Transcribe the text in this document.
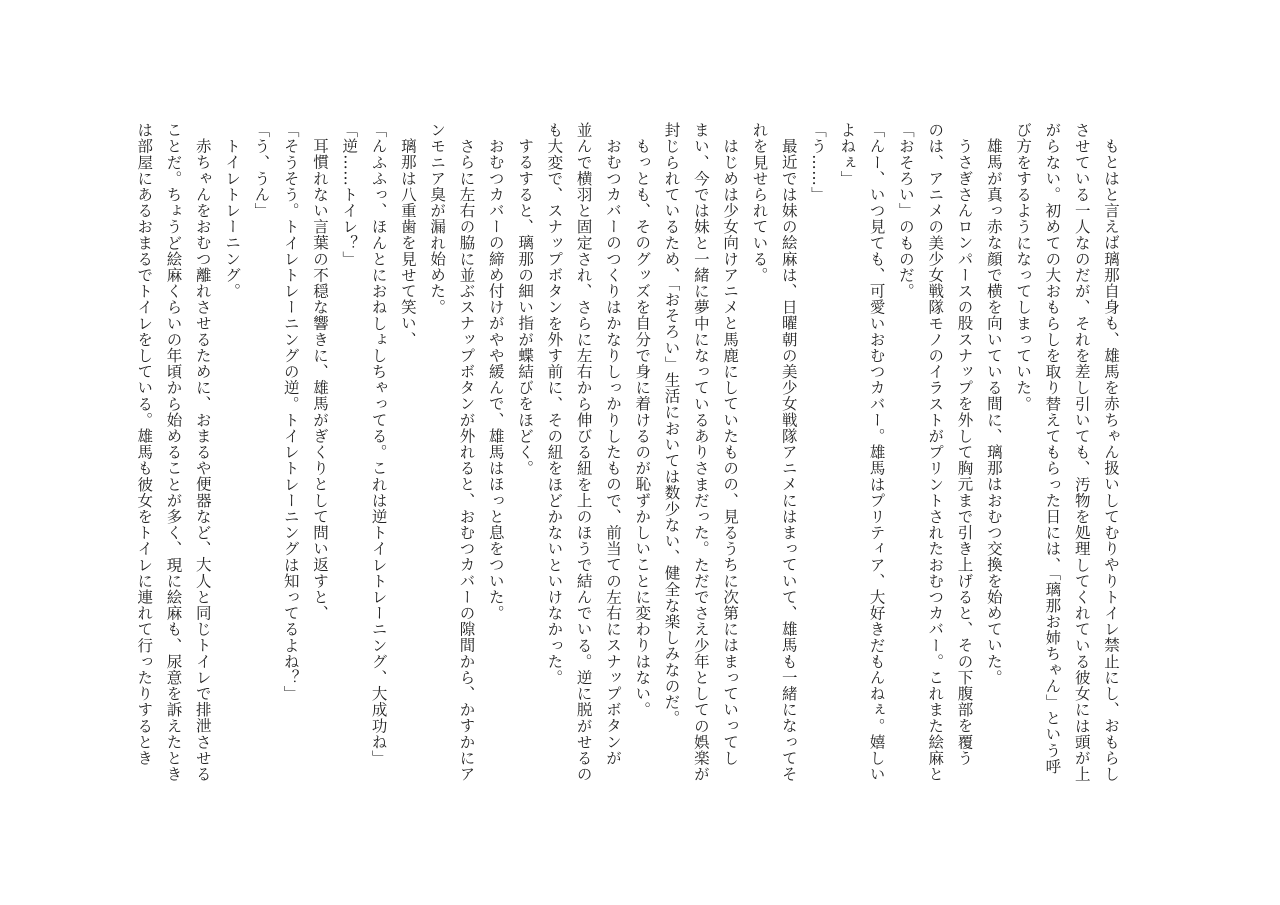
もとはと言えば璃那自身も、雄馬を赤ちゃん扱いしてむりやりトイレ禁止にし、おもらし

させている一人なのだが、それを差し引いても、汚物を処理してくれている彼女には頭が上

がらない。初めての大おもらしを取り替えてもらった日には、「璃那お姉ちゃん」という呼

び方をするようになってしまっていた。

雄馬が真っ赤な顔で横を向いている間に、璃那はおむつ交換を始めていた。

うさぎさんロンパースの股スナップを外して胸元まで引き上げると、その下腹部を覆う

のは、アニメの美少女戦隊モノのイラストがプリントされたおむつカバー。これまた絵麻と

「おそろい」のものだ。

「んー、いつ見ても、可愛いおむつカバー。雄馬はプリティア、大好きだもんねぇ。嬉しい

よねぇ」

「う……」

最近では妹の絵麻は、日曜朝の美少女戦隊アニメにはまっていて、雄馬も一緒になってそ

れを見せられている。

はじめは少女向けアニメと馬鹿にしていたものの、見るうちに次第にはまっていってし

まい、今では妹と一緒に夢中になっているありさまだった。ただでさえ少年としての娯楽が

封じられているため、「おそろい」生活においては数少ない、健全な楽しみなのだ。

もっとも、そのグッズを自分で身に着けるのが恥ずかしいことに変わりはない。

おむつカバーのつくりはかなりしっかりしたもので、前当ての左右にスナップボタンが

並んで横羽と固定され、さらに左右から伸びる紐を上のほうで結んでいる。逆に脱がせるの

も大変で、スナップボタンを外す前に、その紐をほどかないといけなかった。

するすると、璃那の細い指が蝶結びをほどく。

おむつカバーの締め付けがやや緩んで、雄馬はほっと息をついた。

さらに左右の脇に並ぶスナップボタンが外れると、おむつカバーの隙間から、かすかにア

ンモニア臭が漏れ始めた。

璃那は八重歯を見せて笑い、

「んふふっ、ほんとにおねしょしちゃってる。これは逆トイレトレーニング、大成功ね」

「逆……トイレ？」

耳慣れない言葉の不穏な響きに、雄馬がぎくりとして問い返すと、

「そうそう。トイレトレーニングの逆。トイレトレーニングは知ってるよね？」

「う、うん」

トイレトレーニング。

赤ちゃんをおむつ離れさせるために、おまるや便器など、大人と同じトイレで排泄させる

ことだ。ちょうど絵麻くらいの年頃から始めることが多く、現に絵麻も、尿意を訴えたとき

は部屋にあるおまるでトイレをしている。雄馬も彼女をトイレに連れて行ったりするとき
